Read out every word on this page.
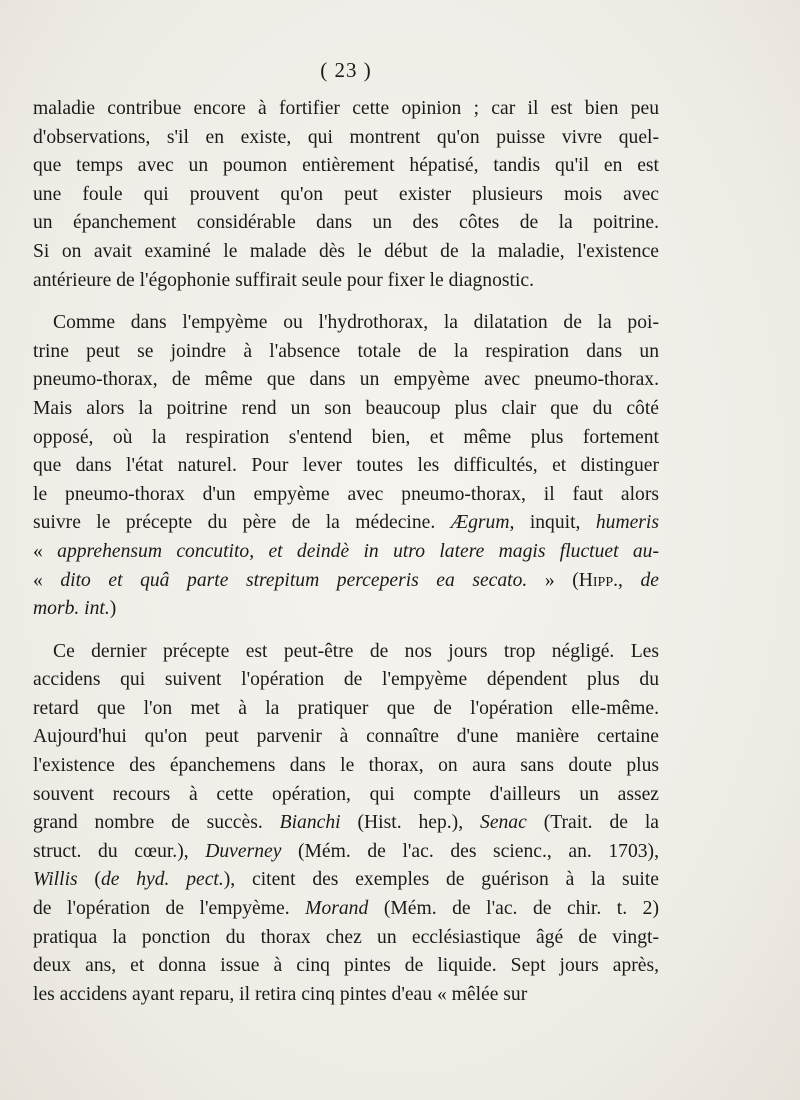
( 23 )
maladie contribue encore à fortifier cette opinion ; car il est bien peu
d'observations, s'il en existe, qui montrent qu'on puisse vivre quel-
que temps avec un poumon entièrement hépatisé, tandis qu'il en est
une foule qui prouvent qu'on peut exister plusieurs mois avec
un épanchement considérable dans un des côtes de la poitrine.
Si on avait examiné le malade dès le début de la maladie, l'existence
antérieure de l'égophonie suffirait seule pour fixer le diagnostic.
Comme dans l'empyème ou l'hydrothorax, la dilatation de la poi-
trine peut se joindre à l'absence totale de la respiration dans un
pneumo-thorax, de même que dans un empyème avec pneumo-thorax.
Mais alors la poitrine rend un son beaucoup plus clair que du côté
opposé, où la respiration s'entend bien, et même plus fortement
que dans l'état naturel. Pour lever toutes les difficultés, et distinguer
le pneumo-thorax d'un empyème avec pneumo-thorax, il faut alors
suivre le précepte du père de la médecine. Ægrum, inquit, humeris
« apprehensum concutito, et deindè in utro latere magis fluctuet au-
« dito et quâ parte strepitum perceperis ea secato. » (Hipp., de
morb. int.)
Ce dernier précepte est peut-être de nos jours trop négligé. Les
accidens qui suivent l'opération de l'empyème dépendent plus du
retard que l'on met à la pratiquer que de l'opération elle-même.
Aujourd'hui qu'on peut parvenir à connaître d'une manière certaine
l'existence des épanchemens dans le thorax, on aura sans doute plus
souvent recours à cette opération, qui compte d'ailleurs un assez
grand nombre de succès. Bianchi (Hist. hep.), Senac (Trait. de la
struct. du cœur.), Duverney (Mém. de l'ac. des scienc., an. 1703),
Willis (de hyd. pect.), citent des exemples de guérison à la suite
de l'opération de l'empyème. Morand (Mém. de l'ac. de chir. t. 2)
pratiqua la ponction du thorax chez un ecclésiastique âgé de vingt-
deux ans, et donna issue à cinq pintes de liquide. Sept jours après,
les accidens ayant reparu, il retira cinq pintes d'eau « mêlée sur
